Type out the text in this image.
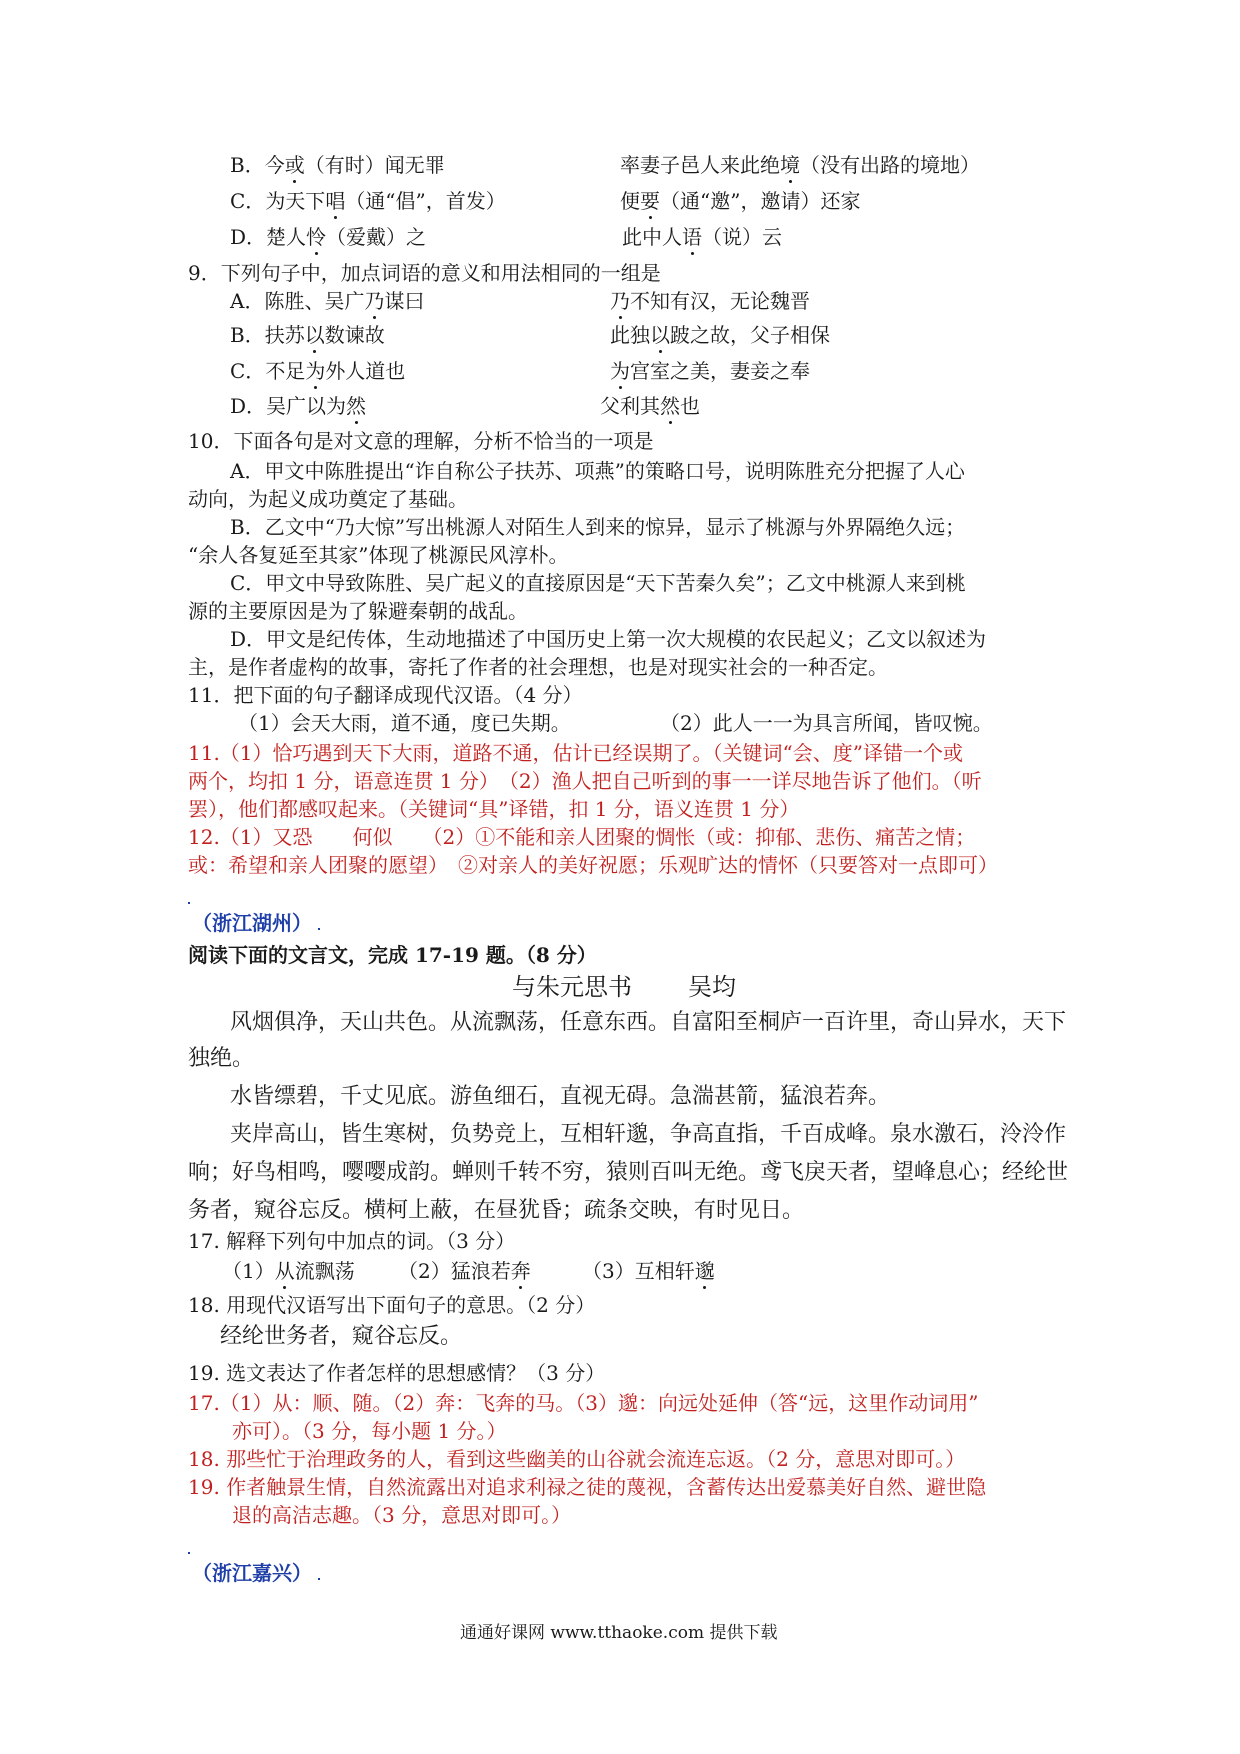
B．今或（有时）闻无罪	率妻子邑人来此绝境（没有出路的境地）
C．为天下唱（通“倡”，首发）	便要（通“邀”，邀请）还家
D．楚人怜（爱戴）之	此中人语（说）云
9．下列句子中，加点词语的意义和用法相同的一组是
A．陈胜、吴广乃谋曰	乃不知有汉，无论魏晋
B．扶苏以数谏故	此独以跛之故，父子相保
C．不足为外人道也	为宫室之美，妻妾之奉
D．吴广以为然	父利其然也
10．下面各句是对文意的理解，分析不恰当的一项是
A．甲文中陈胜提出“诈自称公子扶苏、项燕”的策略口号，说明陈胜充分把握了人心
动向，为起义成功奠定了基础。
B．乙文中“乃大惊”写出桃源人对陌生人到来的惊异，显示了桃源与外界隔绝久远；
“余人各复延至其家”体现了桃源民风淳朴。
C．甲文中导致陈胜、吴广起义的直接原因是“天下苦秦久矣”；乙文中桃源人来到桃
源的主要原因是为了躲避秦朝的战乱。
D．甲文是纪传体，生动地描述了中国历史上第一次大规模的农民起义；乙文以叙述为
主，是作者虚构的故事，寄托了作者的社会理想，也是对现实社会的一种否定。
11．把下面的句子翻译成现代汉语。（4 分）
（1）会天大雨，道不通，度已失期。	（2）此人一一为具言所闻，皆叹惋。
11.（1）恰巧遇到天下大雨，道路不通，估计已经误期了。（关键词“会、度”译错一个或
两个，均扣 1 分，语意连贯 1 分）　（2）渔人把自己听到的事一一详尽地告诉了他们。（听
罢），他们都感叹起来。（关键词“具”译错，扣 1 分，语义连贯 1 分）
12.（1）又恐　　何似　　（2）①不能和亲人团聚的惆怅（或：抑郁、悲伤、痛苦之情；
或：希望和亲人团聚的愿望）　②对亲人的美好祝愿；乐观旷达的情怀（只要答对一点即可）
（浙江湖州）
阅读下面的文言文，完成 17-19 题。（8 分）
与朱元思书 吴均
风烟俱净，天山共色。从流飘荡，任意东西。自富阳至桐庐一百许里，奇山异水，天下
独绝。
水皆缥碧，千丈见底。游鱼细石，直视无碍。急湍甚箭，猛浪若奔。
夹岸高山，皆生寒树，负势竞上，互相轩邈，争高直指，千百成峰。泉水激石，泠泠作
响；好鸟相鸣，嘤嘤成韵。蝉则千转不穷，猿则百叫无绝。鸢飞戾天者，望峰息心；经纶世
务者，窥谷忘反。横柯上蔽，在昼犹昏；疏条交映，有时见日。
17. 解释下列句中加点的词。（3 分）
（1）从流飘荡 （2）猛浪若奔	（3）互相轩邈
18. 用现代汉语写出下面句子的意思。（2 分）
经纶世务者，窥谷忘反。
19. 选文表达了作者怎样的思想感情？（3 分）
17.（1）从：顺、随。（2）奔：飞奔的马。（3）邈：向远处延伸（答“远，这里作动词用”
亦可）。（3 分，每小题 1 分。）
18. 那些忙于治理政务的人，看到这些幽美的山谷就会流连忘返。（2 分，意思对即可。）
19. 作者触景生情，自然流露出对追求利禄之徒的蔑视，含蓄传达出爱慕美好自然、避世隐
退的高洁志趣。（3 分，意思对即可。）
（浙江嘉兴）
通通好课网 www.tthaoke.com 提供下载
